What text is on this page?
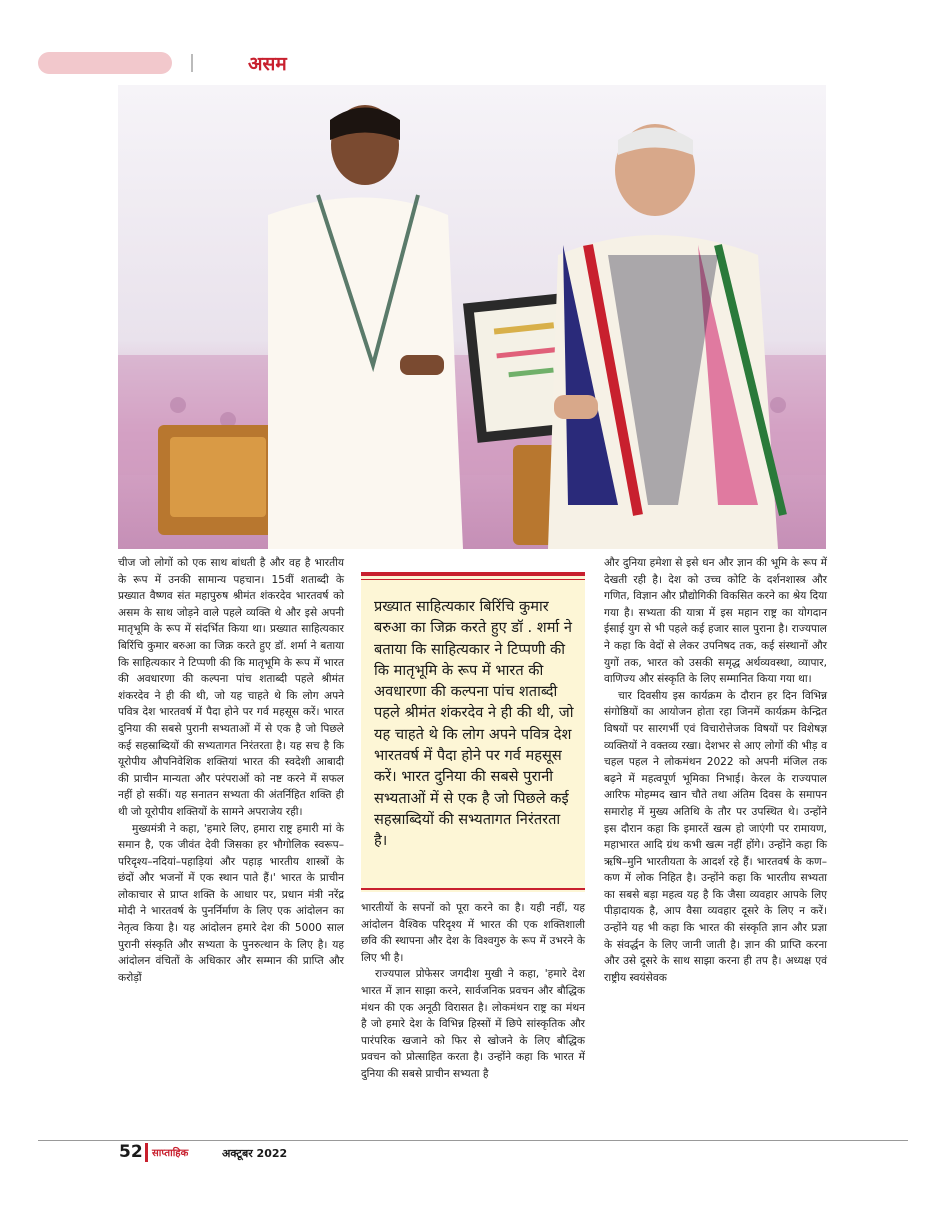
असम

चीज जो लोगों को एक साथ बांधती है और वह है भारतीय के रूप में उनकी सामान्य पहचान। 15वीं शताब्दी के प्रख्यात वैष्णव संत महापुरुष श्रीमंत शंकरदेव भारतवर्ष को असम के साथ जोड़ने वाले पहले व्यक्ति थे और इसे अपनी मातृभूमि के रूप में संदर्भित किया था। प्रख्यात साहित्यकार बिरिंचि कुमार बरुआ का जिक्र करते हुए डॉ. शर्मा ने बताया कि साहित्यकार ने टिप्पणी की कि मातृभूमि के रूप में भारत की अवधारणा की कल्पना पांच शताब्दी पहले श्रीमंत शंकरदेव ने ही की थी, जो यह चाहते थे कि लोग अपने पवित्र देश भारतवर्ष में पैदा होने पर गर्व महसूस करें। भारत दुनिया की सबसे पुरानी सभ्यताओं में से एक है जो पिछले कई सहस्राब्दियों की सभ्यतागत निरंतरता है। यह सच है कि यूरोपीय औपनिवेशिक शक्तियां भारत की स्वदेशी आबादी की प्राचीन मान्यता और परंपराओं को नष्ट करने में सफल नहीं हो सकीं। यह सनातन सभ्यता की अंतर्निहित शक्ति ही थी जो यूरोपीय शक्तियों के सामने अपराजेय रही।

मुख्यमंत्री ने कहा, 'हमारे लिए, हमारा राष्ट्र हमारी मां के समान है, एक जीवंत देवी जिसका हर भौगोलिक स्वरूप–परिदृश्य–नदियां–पहाड़ियां और पहाड़ भारतीय शास्त्रों के छंदों और भजनों में एक स्थान पाते हैं।' भारत के प्राचीन लोकाचार से प्राप्त शक्ति के आधार पर, प्रधान मंत्री नरेंद्र मोदी ने भारतवर्ष के पुनर्निर्माण के लिए एक आंदोलन का नेतृत्व किया है। यह आंदोलन हमारे देश की 5000 साल पुरानी संस्कृति और सभ्यता के पुनरुत्थान के लिए है। यह आंदोलन वंचितों के अधिकार और सम्मान की प्राप्ति और करोड़ों

प्रख्यात साहित्यकार बिरिंचि कुमार बरुआ का जिक्र करते हुए डॉ . शर्मा ने बताया कि साहित्यकार ने टिप्पणी की कि मातृभूमि के रूप में भारत की अवधारणा की कल्पना पांच शताब्दी पहले श्रीमंत शंकरदेव ने ही की थी, जो यह चाहते थे कि लोग अपने पवित्र देश भारतवर्ष में पैदा होने पर गर्व महसूस करें। भारत दुनिया की सबसे पुरानी सभ्यताओं में से एक है जो पिछले कई सहस्राब्दियों की सभ्यतागत निरंतरता है।

भारतीयों के सपनों को पूरा करने का है। यही नहीं, यह आंदोलन वैश्विक परिदृश्य में भारत की एक शक्तिशाली छवि की स्थापना और देश के विश्वगुरु के रूप में उभरने के लिए भी है।

राज्यपाल प्रोफेसर जगदीश मुखी ने कहा, 'हमारे देश भारत में ज्ञान साझा करने, सार्वजनिक प्रवचन और बौद्धिक मंथन की एक अनूठी विरासत है। लोकमंथन राष्ट्र का मंथन है जो हमारे देश के विभिन्न हिस्सों में छिपे सांस्कृतिक और पारंपरिक खजाने को फिर से खोजने के लिए बौद्धिक प्रवचन को प्रोत्साहित करता है। उन्होंने कहा कि भारत में दुनिया की सबसे प्राचीन सभ्यता है

और दुनिया हमेशा से इसे धन और ज्ञान की भूमि के रूप में देखती रही है। देश को उच्च कोटि के दर्शनशास्त्र और गणित, विज्ञान और प्रौद्योगिकी विकसित करने का श्रेय दिया गया है। सभ्यता की यात्रा में इस महान राष्ट्र का योगदान ईसाई युग से भी पहले कई हजार साल पुराना है। राज्यपाल ने कहा कि वेदों से लेकर उपनिषद तक, कई संस्थानों और युगों तक, भारत को उसकी समृद्ध अर्थव्यवस्था, व्यापार, वाणिज्य और संस्कृति के लिए सम्मानित किया गया था।

चार दिवसीय इस कार्यक्रम के दौरान हर दिन विभिन्न संगोष्ठियों का आयोजन होता रहा जिनमें कार्यक्रम केन्द्रित विषयों पर सारगर्भी एवं विचारोत्तेजक विषयों पर विशेषज्ञ व्यक्तियों ने वक्तव्य रखा। देशभर से आए लोगों की भीड़ व चहल पहल ने लोकमंथन 2022 को अपनी मंजिल तक बढ़ने में महत्वपूर्ण भूमिका निभाई। केरल के राज्यपाल आरिफ मोहम्मद खान चौते तथा अंतिम दिवस के समापन समारोह में मुख्य अतिथि के तौर पर उपस्थित थे। उन्होंने इस दौरान कहा कि इमारतें खत्म हो जाएंगी पर रामायण, महाभारत आदि ग्रंथ कभी खत्म नहीं होंगे। उन्होंने कहा कि ऋषि–मुनि भारतीयता के आदर्श रहे हैं। भारतवर्ष के कण–कण में लोक निहित है। उन्होंने कहा कि भारतीय सभ्यता का सबसे बड़ा महत्व यह है कि जैसा व्यवहार आपके लिए पीड़ादायक है, आप वैसा व्यवहार दूसरे के लिए न करें। उन्होंने यह भी कहा कि भारत की संस्कृति ज्ञान और प्रज्ञा के संवर्द्धन के लिए जानी जाती है। ज्ञान की प्राप्ति करना और उसे दूसरे के साथ साझा करना ही तप है। अध्यक्ष एवं राष्ट्रीय स्वयंसेवक

52 साप्ताहिक	अक्टूबर 2022
